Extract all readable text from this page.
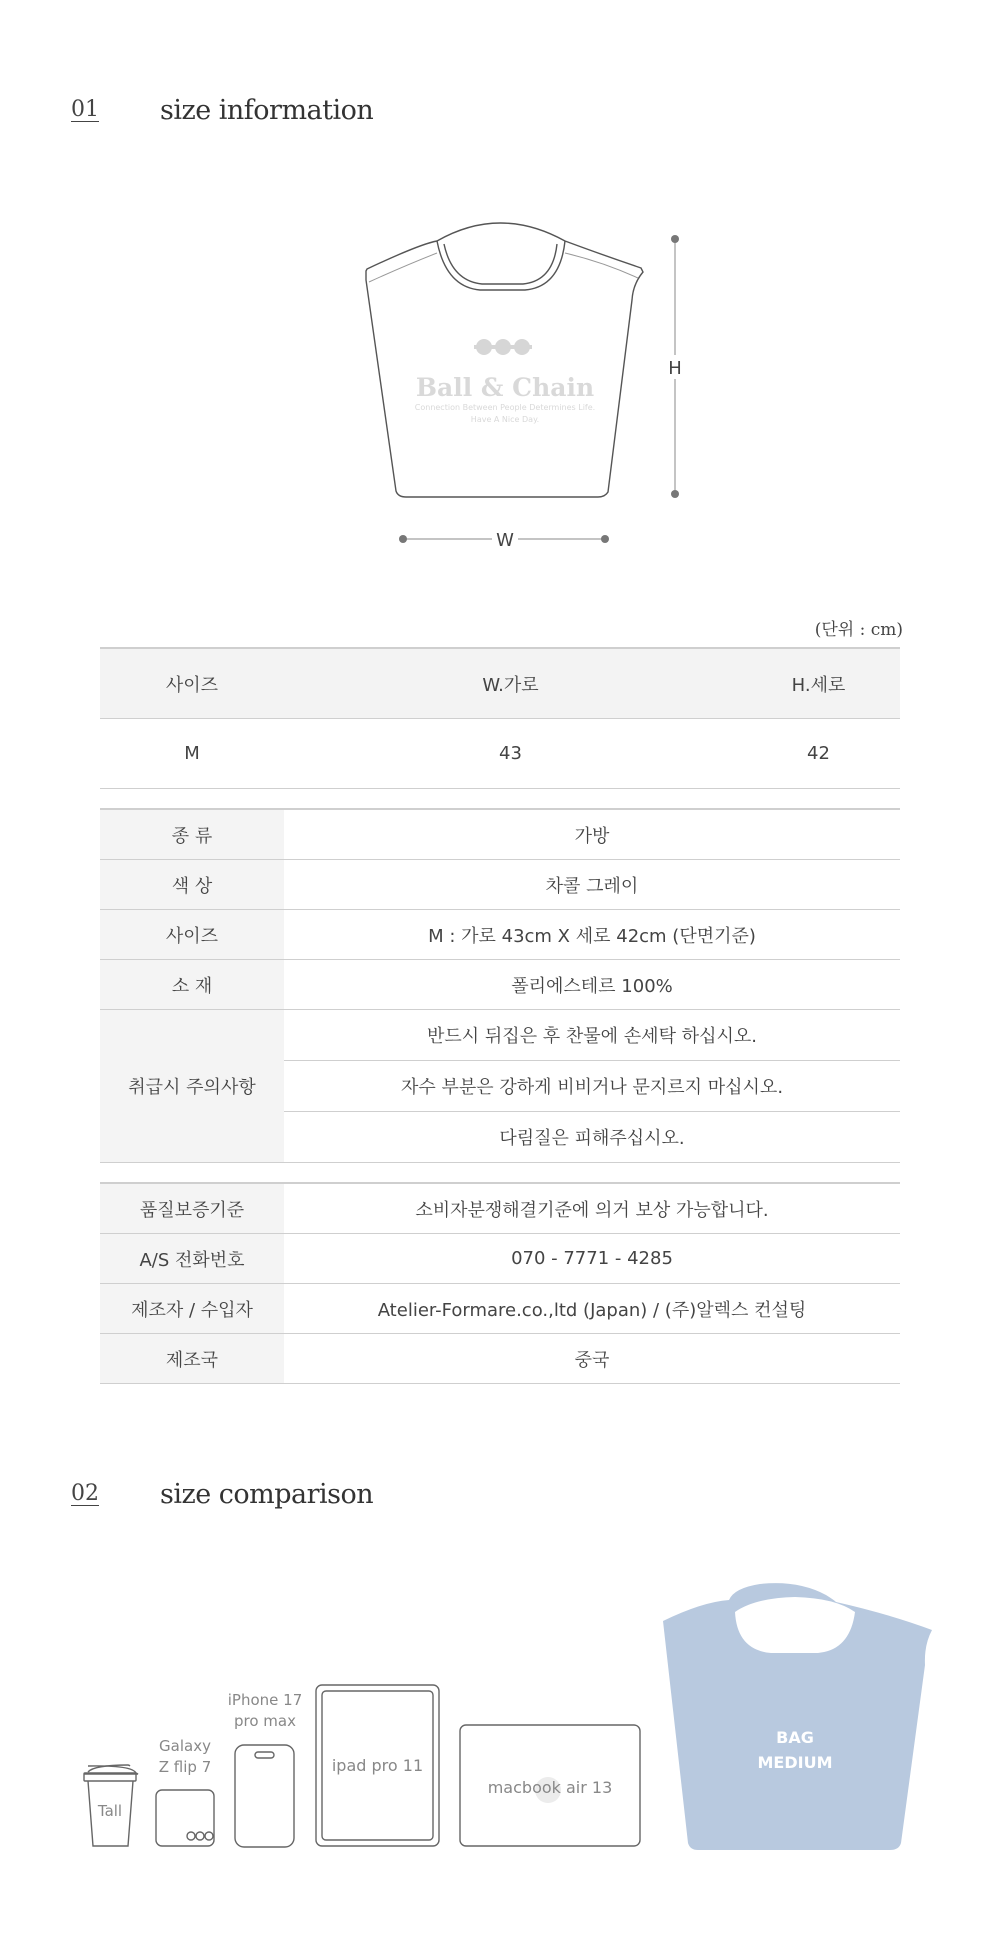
01 size information
Ball & Chain
Connection Between People Determines Life.
Have A Nice Day.
H
W
(단위 : cm)
사이즈	W.가로	H.세로
M	43	42
종 류	가방
색 상	차콜 그레이
사이즈	M : 가로 43cm X 세로 42cm (단면기준)
소 재	폴리에스테르 100%
취급시 주의사항
반드시 뒤집은 후 찬물에 손세탁 하십시오.
자수 부분은 강하게 비비거나 문지르지 마십시오.
다림질은 피해주십시오.
품질보증기준	소비자분쟁해결기준에 의거 보상 가능합니다.
A/S 전화번호	070 - 7771 - 4285
제조자 / 수입자	Atelier-Formare.co.,ltd (Japan) / (주)알렉스 컨설팅
제조국	중국
02 size comparison
Tall
Galaxy
Z flip 7
iPhone 17
pro max
ipad pro 11
macbook air 13
BAG
MEDIUM
